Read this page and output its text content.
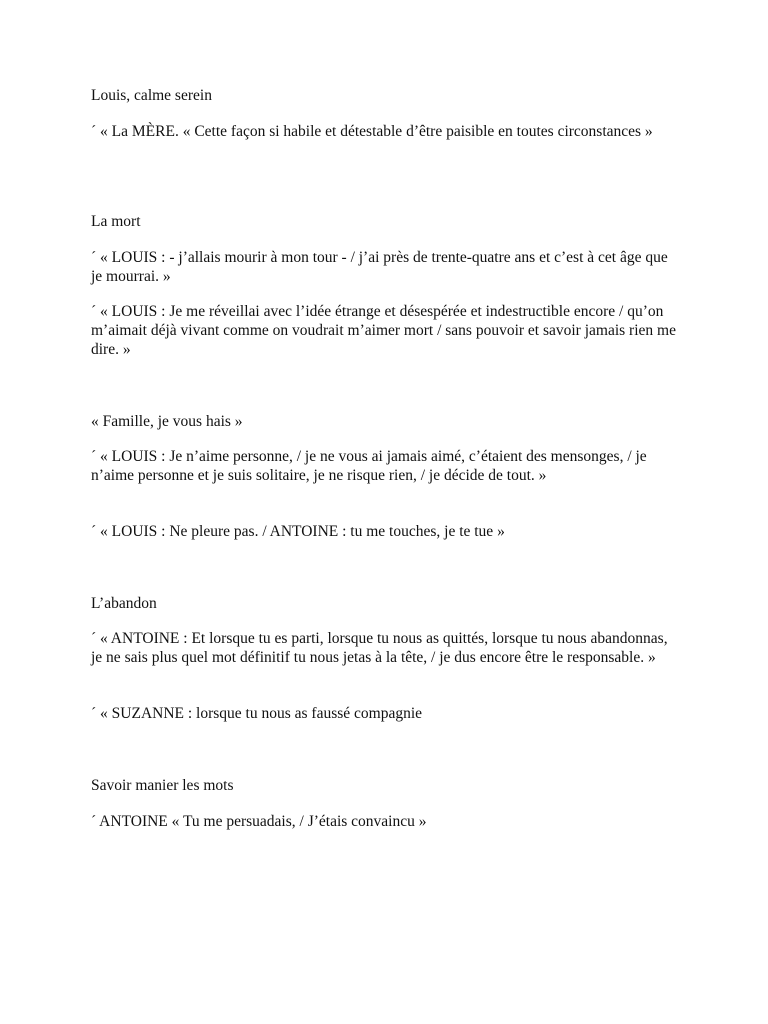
Louis, calme serein
´ « La MÈRE. « Cette façon si habile et détestable d’être paisible en toutes circonstances »
La mort
´ « LOUIS : - j’allais mourir à mon tour - / j’ai près de trente-quatre ans et c’est à cet âge que je mourrai. »
´ « LOUIS : Je me réveillai avec l’idée étrange et désespérée et indestructible encore / qu’on m’aimait déjà vivant comme on voudrait m’aimer mort / sans pouvoir et savoir jamais rien me dire. »
« Famille, je vous hais »
´ « LOUIS : Je n’aime personne, / je ne vous ai jamais aimé, c’étaient des mensonges, / je n’aime personne et je suis solitaire, je ne risque rien, / je décide de tout. »
´ « LOUIS : Ne pleure pas. / ANTOINE : tu me touches, je te tue »
L’abandon
´ « ANTOINE : Et lorsque tu es parti, lorsque tu nous as quittés, lorsque tu nous abandonnas, je ne sais plus quel mot définitif tu nous jetas à la tête, / je dus encore être le responsable. »
´ « SUZANNE : lorsque tu nous as faussé compagnie
Savoir manier les mots
´ ANTOINE « Tu me persuadais, / J’étais convaincu »
